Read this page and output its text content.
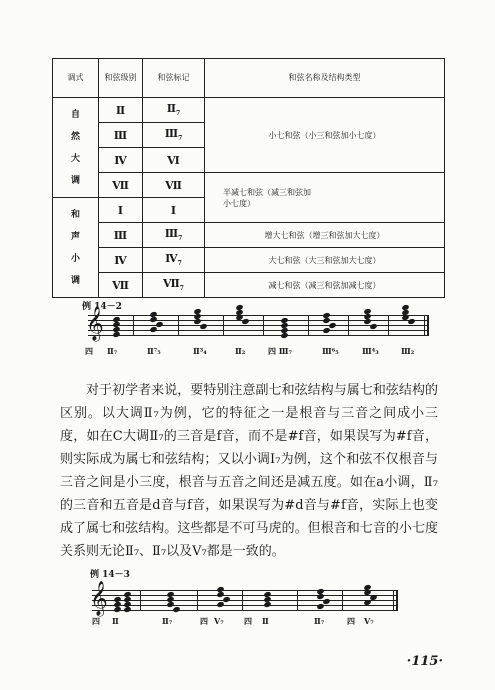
调式	和弦级别	和弦标记	和弦名称及结构类型

自
然
大
调	Ⅱ	$Ⅱ_7$	小七和弦（小三和弦加小七度）
	Ⅲ	$Ⅲ_7$
	Ⅳ	Ⅵ	
	Ⅶ	Ⅶ	半减七和弦（减三和弦加
小七度）

和
声
小
调	Ⅰ	Ⅰ	
	Ⅲ	$Ⅲ_7$	增大七和弦（增三和弦加大七度）
	Ⅳ	$Ⅳ_7$	大七和弦（大三和弦加大七度）
	Ⅶ	$Ⅶ_7$	减七和弦（减三和弦加减七度）
例 14－2
𝄞
四 Ⅱ₇	Ⅱ⁷₅	Ⅱ³₄	Ⅱ₂	四 Ⅲ₇	Ⅲ⁶₅	Ⅲ⁴₃	Ⅲ₂

对于初学者来说，要特别注意副七和弦结构与属七和弦结构的区别。以大调Ⅱ₇为例，它的特征之一是根音与三音之间成小三度，如在C大调Ⅱ₇的三音是f音，而不是#f音，如果误写为#f音，则实际成为属七和弦结构；又以小调Ⅰ₇为例，这个和弦不仅根音与三音之间是小三度，根音与五音之间还是减五度。如在a小调，Ⅱ₇的三音和五音是d音与f音，如果误写为#d音与#f音，实际上也变成了属七和弦结构。这些都是不可马虎的。但根音和七音的小七度关系则无论Ⅱ₇、Ⅱ₇以及Ⅴ₇都是一致的。

例 14－3
𝄞
四 Ⅱ	Ⅱ₇	四 Ⅴ₇	四 Ⅱ	Ⅱ₇	四 Ⅴ₇
·115·
